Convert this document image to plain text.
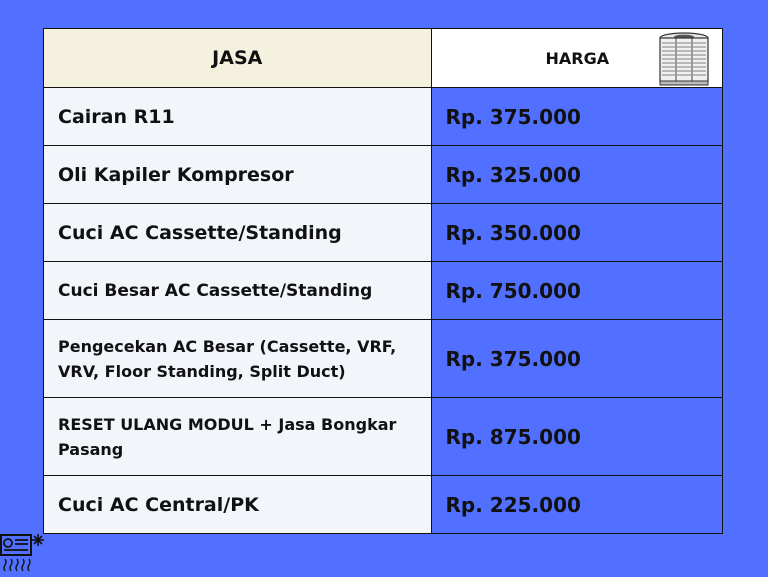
JASA	HARGA

Cairan R11	Rp. 375.000
Oli Kapiler Kompresor	Rp. 325.000
Cuci AC Cassette/Standing	Rp. 350.000
Cuci Besar AC Cassette/Standing	Rp. 750.000
Pengecekan AC Besar (Cassette, VRF, VRV, Floor Standing, Split Duct)	Rp. 375.000
RESET ULANG MODUL + Jasa Bongkar Pasang	Rp. 875.000
Cuci AC Central/PK	Rp. 225.000
